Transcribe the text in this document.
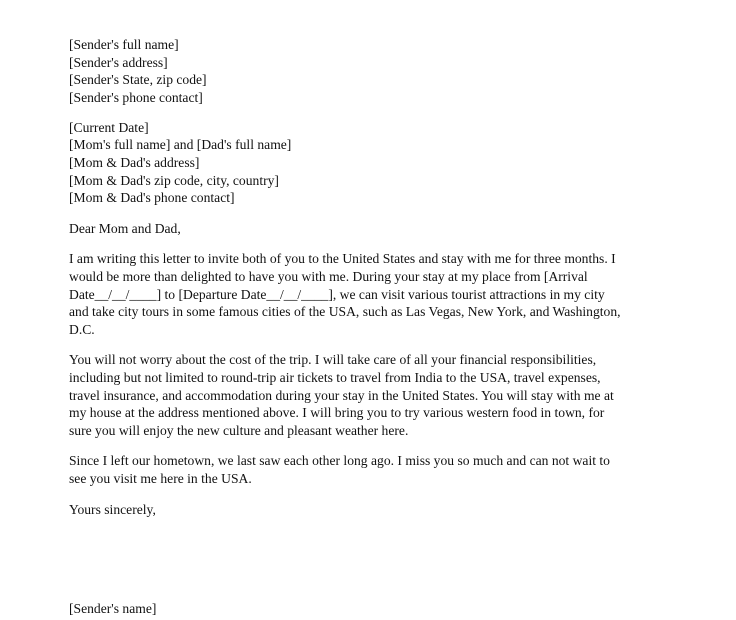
[Sender's full name]
[Sender's address]
[Sender's State, zip code]
[Sender's phone contact]
[Current Date]
[Mom's full name] and [Dad's full name]
[Mom & Dad's address]
[Mom & Dad's zip code, city, country]
[Mom & Dad's phone contact]
Dear Mom and Dad,
I am writing this letter to invite both of you to the United States and stay with me for three months. I
would be more than delighted to have you with me. During your stay at my place from [Arrival
Date__/__/____] to [Departure Date__/__/____], we can visit various tourist attractions in my city
and take city tours in some famous cities of the USA, such as Las Vegas, New York, and Washington,
D.C.
You will not worry about the cost of the trip. I will take care of all your financial responsibilities,
including but not limited to round-trip air tickets to travel from India to the USA, travel expenses,
travel insurance, and accommodation during your stay in the United States. You will stay with me at
my house at the address mentioned above. I will bring you to try various western food in town, for
sure you will enjoy the new culture and pleasant weather here.
Since I left our hometown, we last saw each other long ago. I miss you so much and can not wait to
see you visit me here in the USA.
Yours sincerely,
[Sender's name]
